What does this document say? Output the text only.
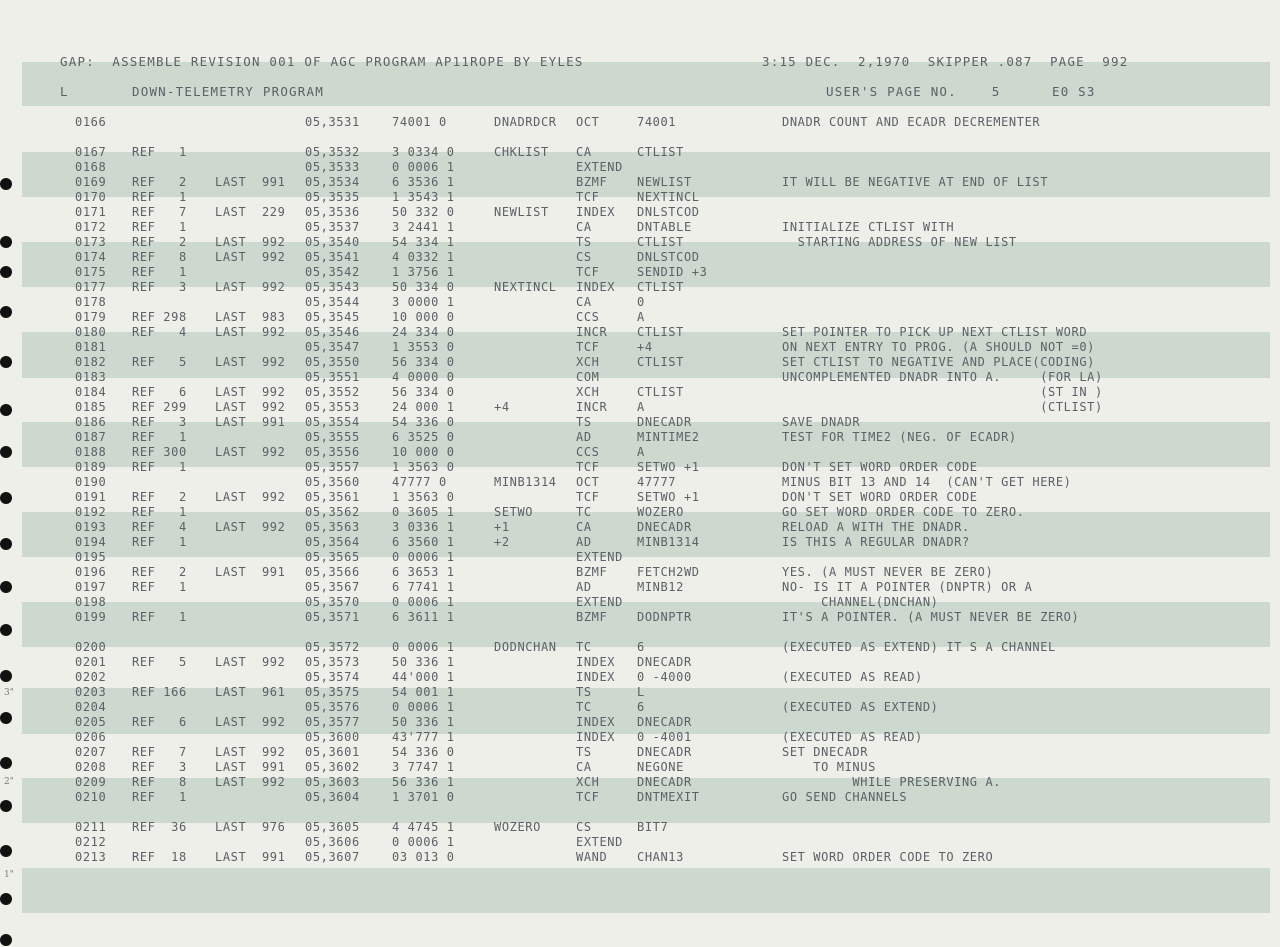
3"
2"
1"
GAP:  ASSEMBLE REVISION 001 OF AGC PROGRAM AP11ROPE BY EYLES	3:15 DEC.  2,1970  SKIPPER .087  PAGE  992
L	DOWN-TELEMETRY PROGRAM	USER'S PAGE NO.    5	E0 S3
0166	05,3531	74001 0	DNADRDCR OCT	74001	DNADR COUNT AND ECADR DECREMENTER
0167 REF   1	05,3532	3 0334 0	CHKLIST CA	CTLIST
0168	05,3533	0 0006 1	EXTEND
0169 REF   2 LAST  991 05,3534	6 3536 1	BZMF NEWLIST	IT WILL BE NEGATIVE AT END OF LIST
0170 REF   1	05,3535	1 3543 1	TCF	NEXTINCL
0171 REF   7 LAST  229 05,3536	50 332 0	NEWLIST INDEX DNLSTCOD
0172 REF   1	05,3537	3 2441 1	CA	DNTABLE	INITIALIZE CTLIST WITH
0173 REF   2 LAST  992 05,3540	54 334 1	TS	CTLIST	STARTING ADDRESS OF NEW LIST
0174 REF   8 LAST  992 05,3541	4 0332 1	CS	DNLSTCOD
0175 REF   1	05,3542	1 3756 1	TCF	SENDID +3
0177 REF   3 LAST  992 05,3543	50 334 0	NEXTINCL INDEX CTLIST
0178	05,3544	3 0000 1	CA	0
0179 REF 298 LAST  983 05,3545	10 000 0	CCS	A
0180 REF   4 LAST  992 05,3546	24 334 0	INCR CTLIST	SET POINTER TO PICK UP NEXT CTLIST WORD
0181	05,3547	1 3553 0	TCF	+4	ON NEXT ENTRY TO PROG. (A SHOULD NOT =0)
0182 REF   5 LAST  992 05,3550	56 334 0	XCH	CTLIST	SET CTLIST TO NEGATIVE AND PLACE(CODING)
0183	05,3551	4 0000 0	COM	UNCOMPLEMENTED DNADR INTO A.     (FOR LA)
0184 REF   6 LAST  992 05,3552	56 334 0	XCH	CTLIST	(ST IN )
0185 REF 299 LAST  992 05,3553	24 000 1	+4	INCR A	(CTLIST)
0186 REF   3 LAST  991 05,3554	54 336 0	TS	DNECADR	SAVE DNADR
0187 REF   1	05,3555	6 3525 0	AD	MINTIME2	TEST FOR TIME2 (NEG. OF ECADR)
0188 REF 300 LAST  992 05,3556	10 000 0	CCS	A
0189 REF   1	05,3557	1 3563 0	TCF	SETWO +1	DON'T SET WORD ORDER CODE
0190	05,3560	47777 0	MINB1314 OCT	47777	MINUS BIT 13 AND 14  (CAN'T GET HERE)
0191 REF   2 LAST  992 05,3561	1 3563 0	TCF	SETWO +1	DON'T SET WORD ORDER CODE
0192 REF   1	05,3562	0 3605 1	SETWO	TC	WOZERO	GO SET WORD ORDER CODE TO ZERO.
0193 REF   4 LAST  992 05,3563	3 0336 1	+1	CA	DNECADR	RELOAD A WITH THE DNADR.
0194 REF   1	05,3564	6 3560 1	+2	AD	MINB1314	IS THIS A REGULAR DNADR?
0195	05,3565	0 0006 1	EXTEND
0196 REF   2 LAST  991 05,3566	6 3653 1	BZMF FETCH2WD	YES. (A MUST NEVER BE ZERO)
0197 REF   1	05,3567	6 7741 1	AD	MINB12	NO- IS IT A POINTER (DNPTR) OR A
0198	05,3570	0 0006 1	EXTEND	CHANNEL(DNCHAN)
0199 REF   1	05,3571	6 3611 1	BZMF DODNPTR	IT'S A POINTER. (A MUST NEVER BE ZERO)
0200	05,3572	0 0006 1	DODNCHAN TC	6	(EXECUTED AS EXTEND) IT S A CHANNEL
0201 REF   5 LAST  992 05,3573	50 336 1	INDEX DNECADR
0202	05,3574	44'000 1	INDEX 0 -4000	(EXECUTED AS READ)
0203 REF 166 LAST  961 05,3575	54 001 1	TS	L
0204	05,3576	0 0006 1	TC	6	(EXECUTED AS EXTEND)
0205 REF   6 LAST  992 05,3577	50 336 1	INDEX DNECADR
0206	05,3600	43'777 1	INDEX 0 -4001	(EXECUTED AS READ)
0207 REF   7 LAST  992 05,3601	54 336 0	TS	DNECADR	SET DNECADR
0208 REF   3 LAST  991 05,3602	3 7747 1	CA	NEGONE	TO MINUS
0209 REF   8 LAST  992 05,3603	56 336 1	XCH	DNECADR	WHILE PRESERVING A.
0210 REF   1	05,3604	1 3701 0	TCF	DNTMEXIT	GO SEND CHANNELS
0211 REF  36 LAST  976 05,3605	4 4745 1	WOZERO	CS	BIT7
0212	05,3606	0 0006 1	EXTEND
0213 REF  18 LAST  991 05,3607	03 013 0	WAND CHAN13	SET WORD ORDER CODE TO ZERO
